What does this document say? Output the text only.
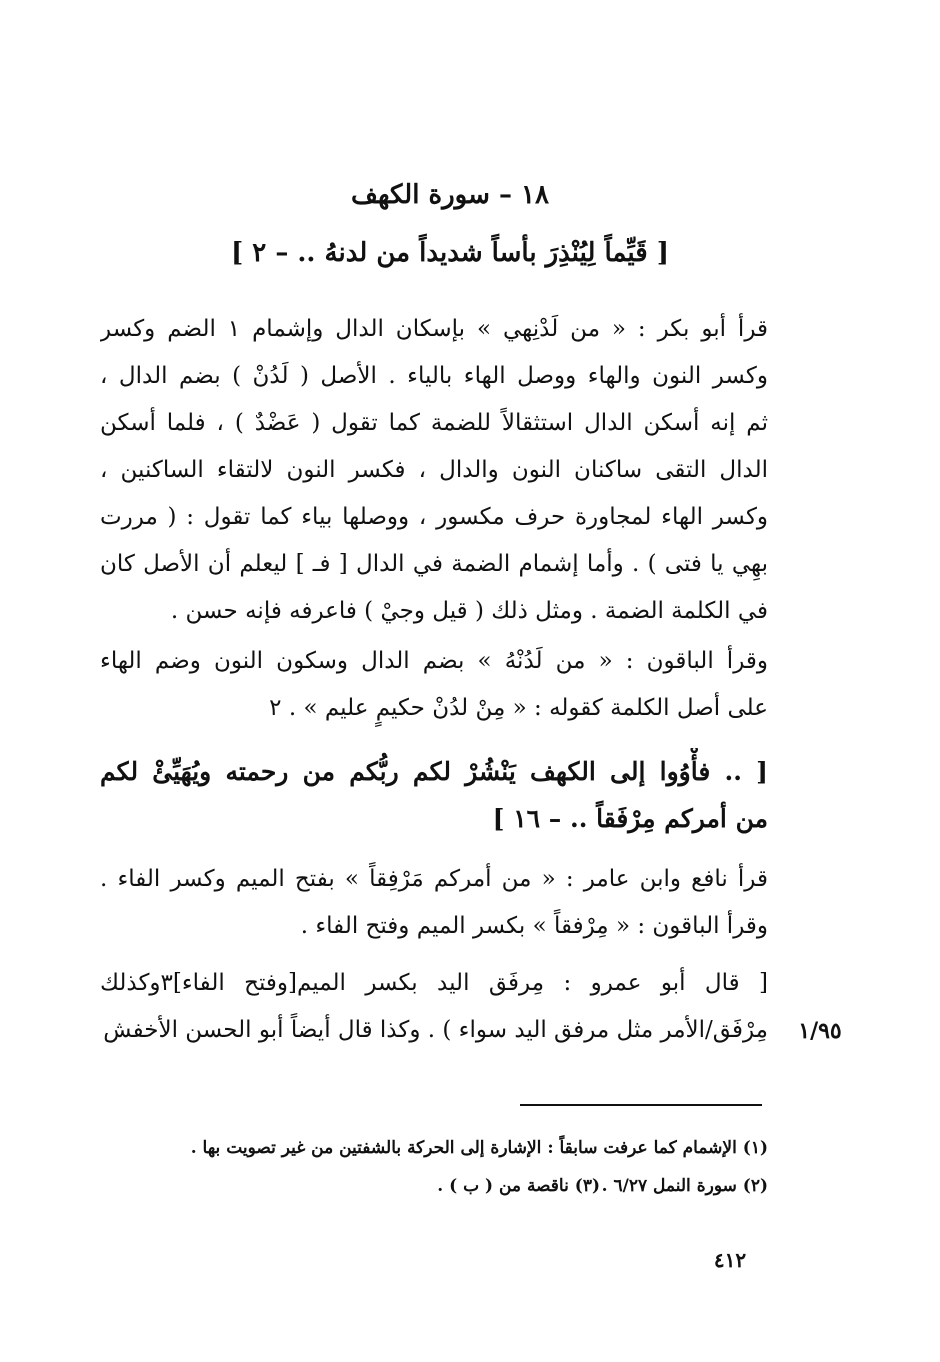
١٨ – سورة الكهف
[ قَيِّماً لِيُنْذِرَ بأساً شديداً من لدنهُ .. – ٢ ]
قرأ أبو بكر : « من لَدْنِهي » بإسكان الدال وإشمام ١ الضم وكسر
وكسر النون والهاء ووصل الهاء بالياء . الأصل ( لَدُنْ ) بضم الدال ،
ثم إنه أسكن الدال استثقالاً للضمة كما تقول ( عَضْدٌ ) ، فلما أسكن
الدال التقى ساكنان النون والدال ، فكسر النون لالتقاء الساكنين ،
وكسر الهاء لمجاورة حرف مكسور ، ووصلها بياء كما تقول : ( مررت
بهِي يا فتى ) . وأما إشمام الضمة في الدال [ فـ ] ليعلم أن الأصل كان
في الكلمة الضمة . ومثل ذلك ( قيل وجيْ ) فاعرفه فإنه حسن .
وقرأ الباقون : « من لَدُنْهُ » بضم الدال وسكون النون وضم الهاء
على أصل الكلمة كقوله : « مِنْ لدُنْ حكيمٍ عليم » . ٢
[ .. فأْوُوا إلى الكهف يَنْشُرْ لكم ربُّكم من رحمته ويُهَيِّئْ لكم
من أمركم مِرْفَقاً .. – ١٦ ]
قرأ نافع وابن عامر : « من أمركم مَرْفِقاً » بفتح الميم وكسر الفاء .
وقرأ الباقون : « مِرْفقاً » بكسر الميم وفتح الفاء .
[ قال أبو عمرو : مِرفَق اليد بكسر الميم[وفتح الفاء]٣وكذلك
مِرْفَق/الأمر مثل مرفق اليد سواء ) . وكذا قال أيضاً أبو الحسن الأخفش	١/٩٥
(١) الإشمام كما عرفت سابقاً : الإشارة إلى الحركة بالشفتين من غير تصويت بها .
(٢) سورة النمل ٦/٢٧ .
(٣) ناقصة من ( ب ) .
٤١٢
